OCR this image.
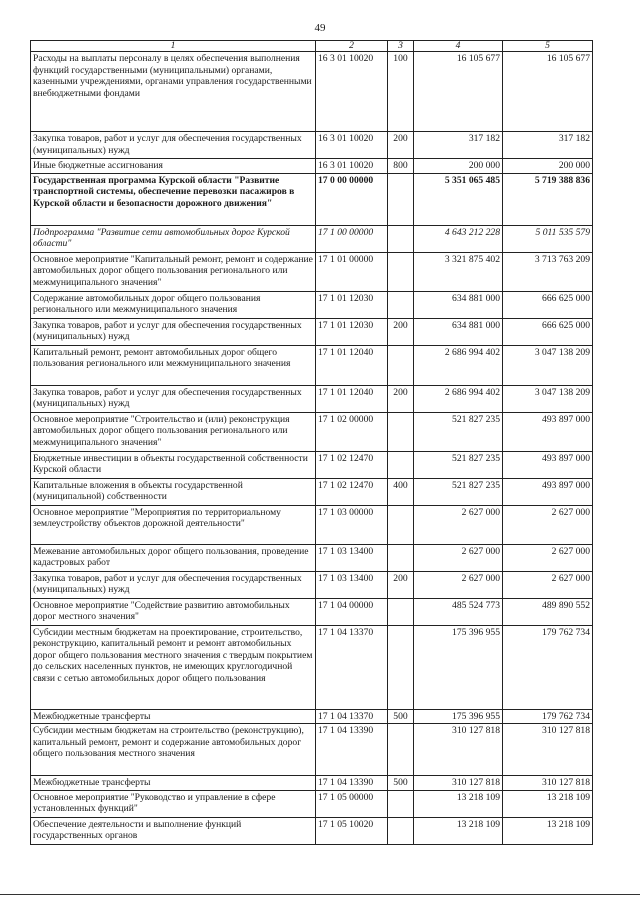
49
1	2	3	4	5
Расходы на выплаты персоналу в целях обеспечения выполнения функций государственными (муниципальными) органами, казенными учреждениями, органами управления государственными внебюджетными фондами	16 3 01 10020	100	16 105 677	16 105 677
Закупка товаров, работ и услуг для обеспечения государственных (муниципальных) нужд	16 3 01 10020	200	317 182	317 182
Иные бюджетные ассигнования	16 3 01 10020	800	200 000	200 000
Государственная программа Курской области "Развитие транспортной системы, обеспечение перевозки пасажиров в Курской области и безопасности дорожного движения"	17 0 00 00000		5 351 065 485	5 719 388 836
Подпрограмма "Развитие сети автомобильных дорог Курской области"	17 1 00 00000		4 643 212 228	5 011 535 579
Основное мероприятие "Капитальный ремонт, ремонт и содержание автомобильных дорог общего пользования регионального или межмуниципального значения"	17 1 01 00000		3 321 875 402	3 713 763 209
Содержание автомобильных дорог общего пользования регионального или межмуниципального значения	17 1 01 12030		634 881 000	666 625 000
Закупка товаров, работ и услуг для обеспечения государственных (муниципальных) нужд	17 1 01 12030	200	634 881 000	666 625 000
Капитальный ремонт, ремонт автомобильных дорог общего пользования регионального или межмуниципального значения	17 1 01 12040		2 686 994 402	3 047 138 209
Закупка товаров, работ и услуг для обеспечения государственных (муниципальных) нужд	17 1 01 12040	200	2 686 994 402	3 047 138 209
Основное мероприятие "Строительство и (или) реконструкция автомобильных дорог общего пользования регионального или межмуниципального значения"	17 1 02 00000		521 827 235	493 897 000
Бюджетные инвестиции в объекты государственной собственности Курской области	17 1 02 12470		521 827 235	493 897 000
Капитальные вложения в объекты государственной (муниципальной) собственности	17 1 02 12470	400	521 827 235	493 897 000
Основное мероприятие "Мероприятия по территориальному землеустройству объектов дорожной деятельности"	17 1 03 00000		2 627 000	2 627 000
Межевание автомобильных дорог общего пользования, проведение кадастровых работ	17 1 03 13400		2 627 000	2 627 000
Закупка товаров, работ и услуг для обеспечения государственных (муниципальных) нужд	17 1 03 13400	200	2 627 000	2 627 000
Основное мероприятие "Содействие развитию автомобильных дорог местного значения"	17 1 04 00000		485 524 773	489 890 552
Субсидии местным бюджетам на проектирование, строительство, реконструкцию, капитальный ремонт и ремонт автомобильных дорог общего пользования местного значения с твердым покрытием до сельских населенных пунктов, не имеющих круглогодичной связи с сетью автомобильных дорог общего пользования	17 1 04 13370		175 396 955	179 762 734
Межбюджетные трансферты	17 1 04 13370	500	175 396 955	179 762 734
Субсидии местным бюджетам на строительство (реконструкцию), капитальный ремонт, ремонт и содержание автомобильных дорог общего пользования местного значения	17 1 04 13390		310 127 818	310 127 818
Межбюджетные трансферты	17 1 04 13390	500	310 127 818	310 127 818
Основное мероприятие "Руководство и управление в сфере установленных функций"	17 1 05 00000		13 218 109	13 218 109
Обеспечение деятельности и выполнение функций государственных органов	17 1 05 10020		13 218 109	13 218 109
